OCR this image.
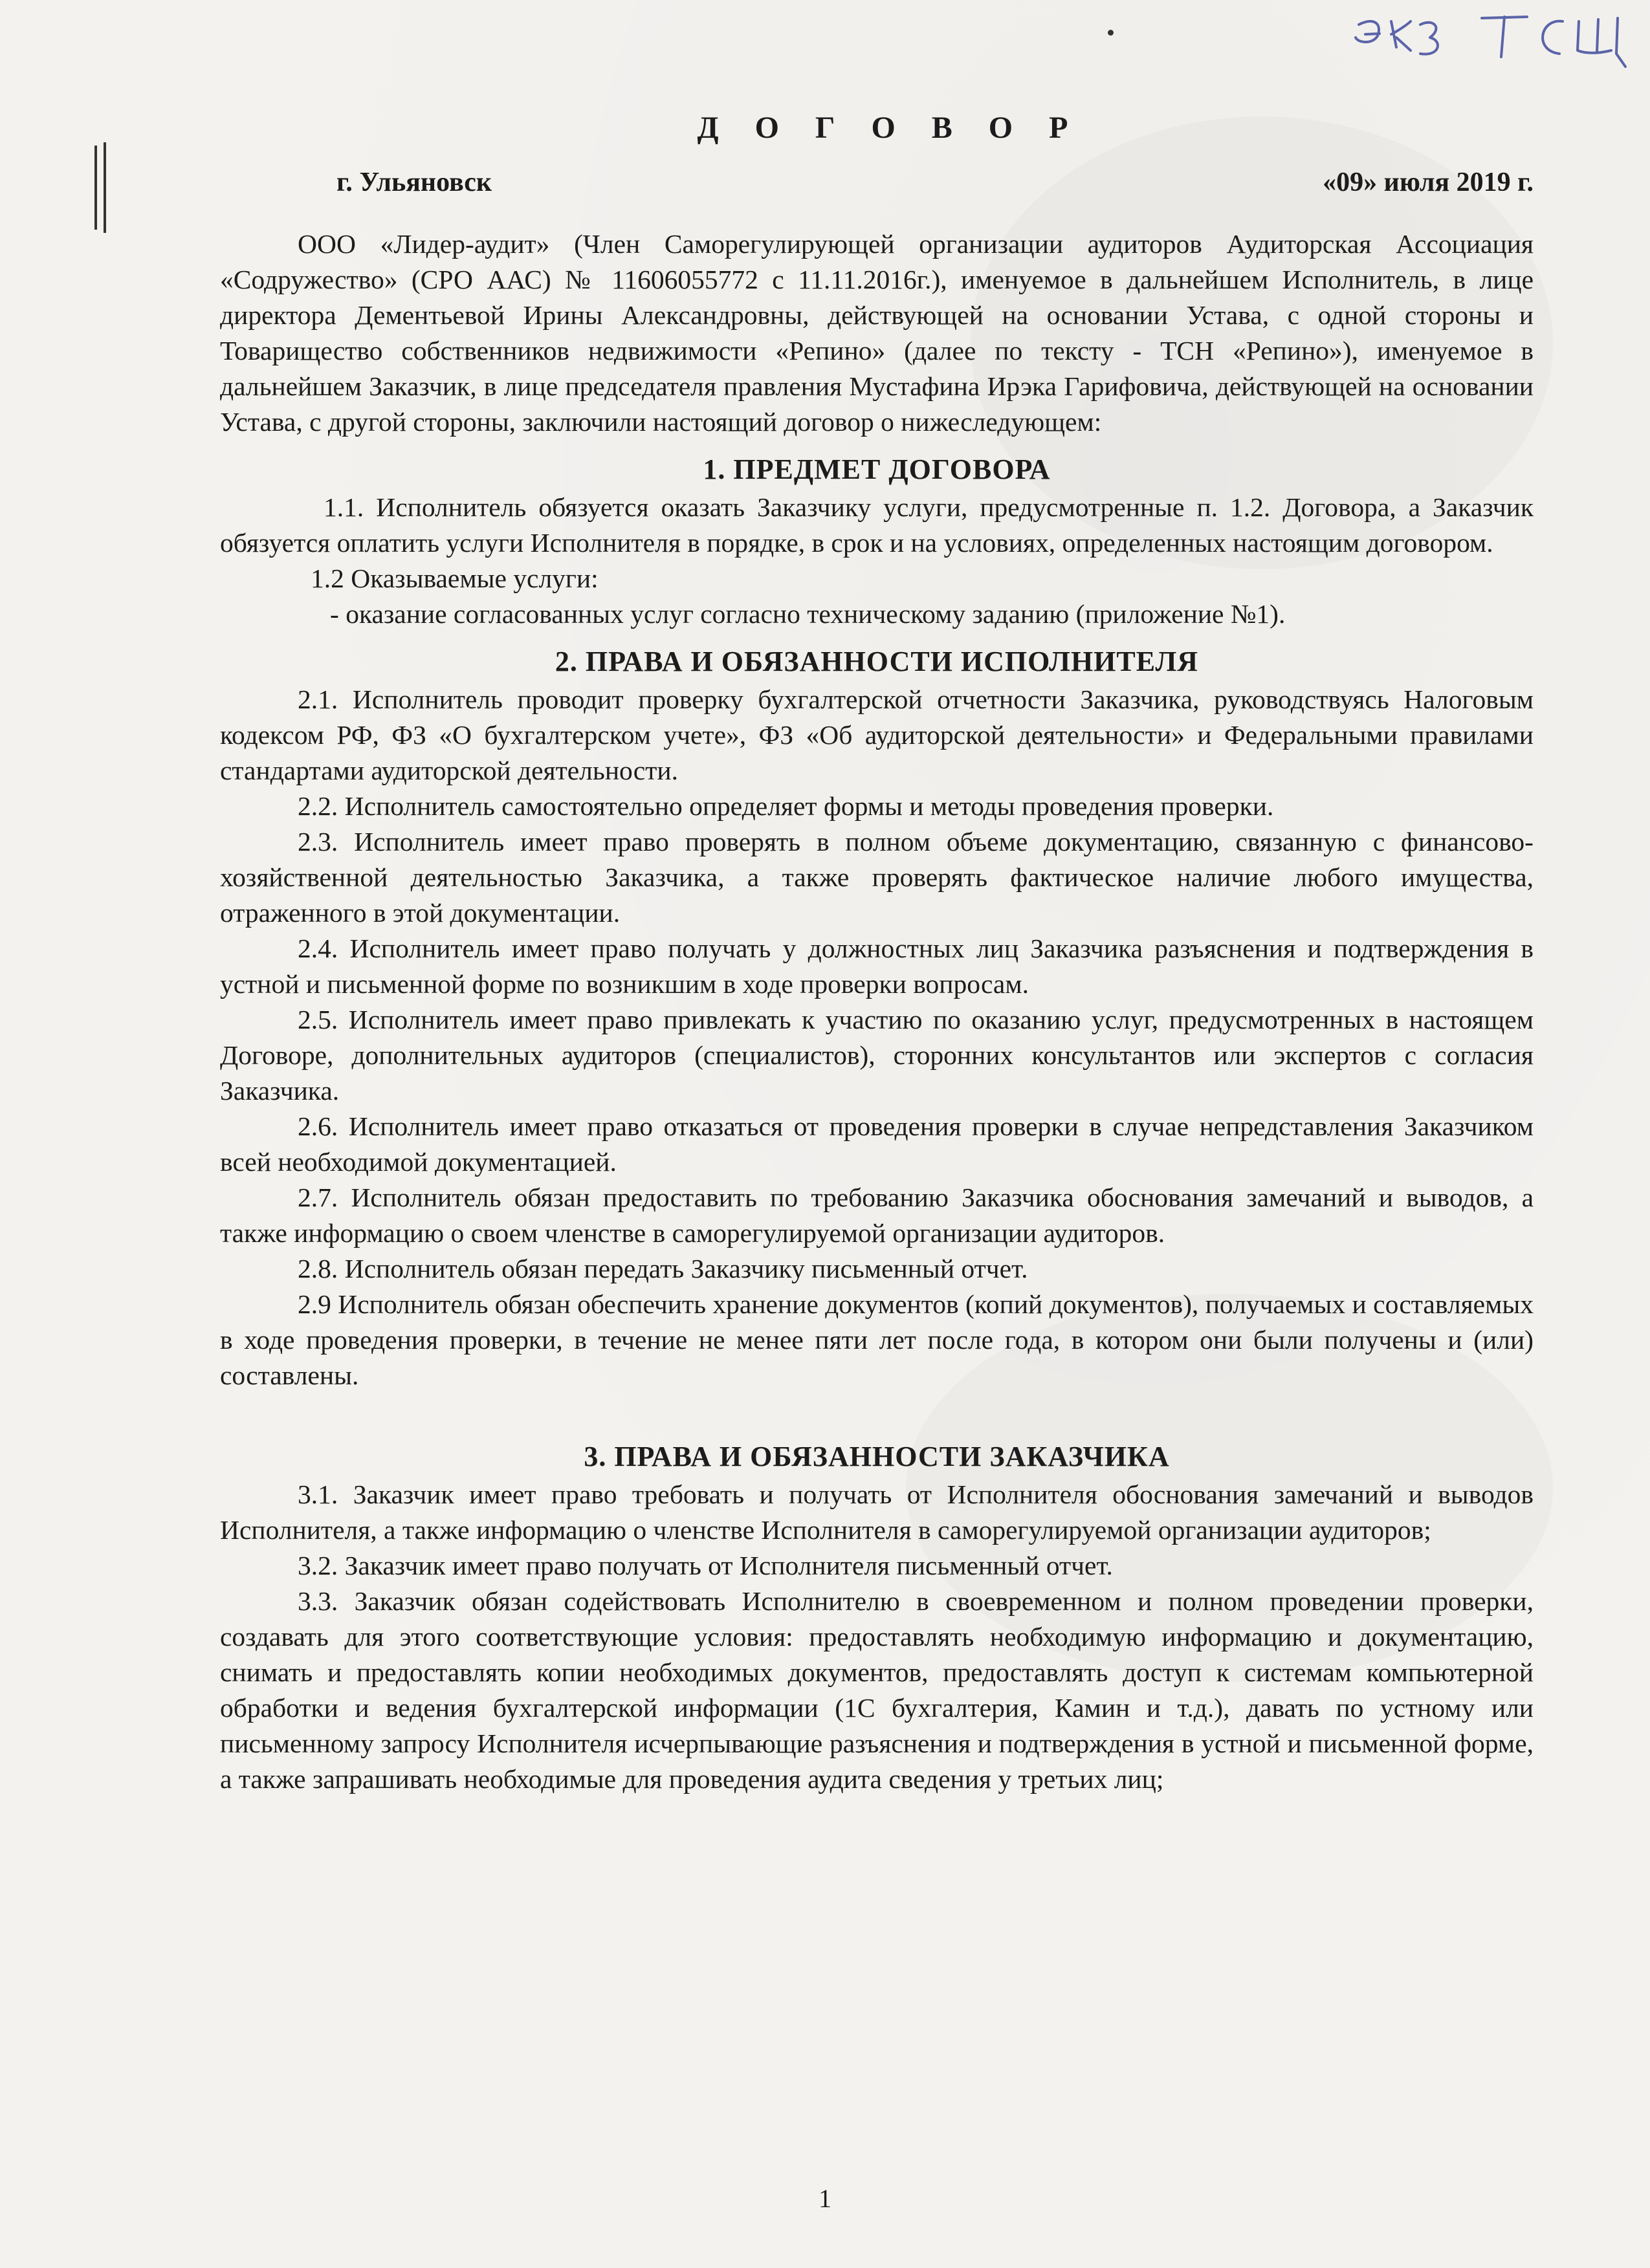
Д О Г О В О Р
г. Ульяновск	«09» июля 2019 г.

ООО «Лидер-аудит» (Член Саморегулирующей организации аудиторов Аудиторская Ассоциация «Содружество» (СРО ААС) № 11606055772 с 11.11.2016г.), именуемое в дальнейшем Исполнитель, в лице директора Дементьевой Ирины Александровны, действующей на основании Устава, с одной стороны и Товарищество собственников недвижимости «Репино» (далее по тексту - ТСН «Репино»), именуемое в дальнейшем Заказчик, в лице председателя правления Мустафина Ирэка Гарифовича, действующей на основании Устава, с другой стороны, заключили настоящий договор о нижеследующем:

1. ПРЕДМЕТ ДОГОВОРА

1.1. Исполнитель обязуется оказать Заказчику услуги, предусмотренные п. 1.2. Договора, а Заказчик обязуется оплатить услуги Исполнителя в порядке, в срок и на условиях, определенных настоящим договором.

1.2 Оказываемые услуги:

- оказание согласованных услуг согласно техническому заданию (приложение №1).

2. ПРАВА И ОБЯЗАННОСТИ ИСПОЛНИТЕЛЯ

2.1. Исполнитель проводит проверку бухгалтерской отчетности Заказчика, руководствуясь Налоговым кодексом РФ, ФЗ «О бухгалтерском учете», ФЗ «Об аудиторской деятельности» и Федеральными правилами стандартами аудиторской деятельности.

2.2. Исполнитель самостоятельно определяет формы и методы проведения проверки.

2.3. Исполнитель имеет право проверять в полном объеме документацию, связанную с финансово-хозяйственной деятельностью Заказчика, а также проверять фактическое наличие любого имущества, отраженного в этой документации.

2.4. Исполнитель имеет право получать у должностных лиц Заказчика разъяснения и подтверждения в устной и письменной форме по возникшим в ходе проверки вопросам.

2.5. Исполнитель имеет право привлекать к участию по оказанию услуг, предусмотренных в настоящем Договоре, дополнительных аудиторов (специалистов), сторонних консультантов или экспертов с согласия Заказчика.

2.6. Исполнитель имеет право отказаться от проведения проверки в случае непредставления Заказчиком всей необходимой документацией.

2.7. Исполнитель обязан предоставить по требованию Заказчика обоснования замечаний и выводов, а также информацию о своем членстве в саморегулируемой организации аудиторов.

2.8. Исполнитель обязан передать Заказчику письменный отчет.

2.9 Исполнитель обязан обеспечить хранение документов (копий документов), получаемых и составляемых в ходе проведения проверки, в течение не менее пяти лет после года, в котором они были получены и (или) составлены.

3. ПРАВА И ОБЯЗАННОСТИ ЗАКАЗЧИКА

3.1. Заказчик имеет право требовать и получать от Исполнителя обоснования замечаний и выводов Исполнителя, а также информацию о членстве Исполнителя в саморегулируемой организации аудиторов;

3.2. Заказчик имеет право получать от Исполнителя письменный отчет.

3.3. Заказчик обязан содействовать Исполнителю в своевременном и полном проведении проверки, создавать для этого соответствующие условия: предоставлять необходимую информацию и документацию, снимать и предоставлять копии необходимых документов, предоставлять доступ к системам компьютерной обработки и ведения бухгалтерской информации (1С бухгалтерия, Камин и т.д.), давать по устному или письменному запросу Исполнителя исчерпывающие разъяснения и подтверждения в устной и письменной форме, а также запрашивать необходимые для проведения аудита сведения у третьих лиц;

1
